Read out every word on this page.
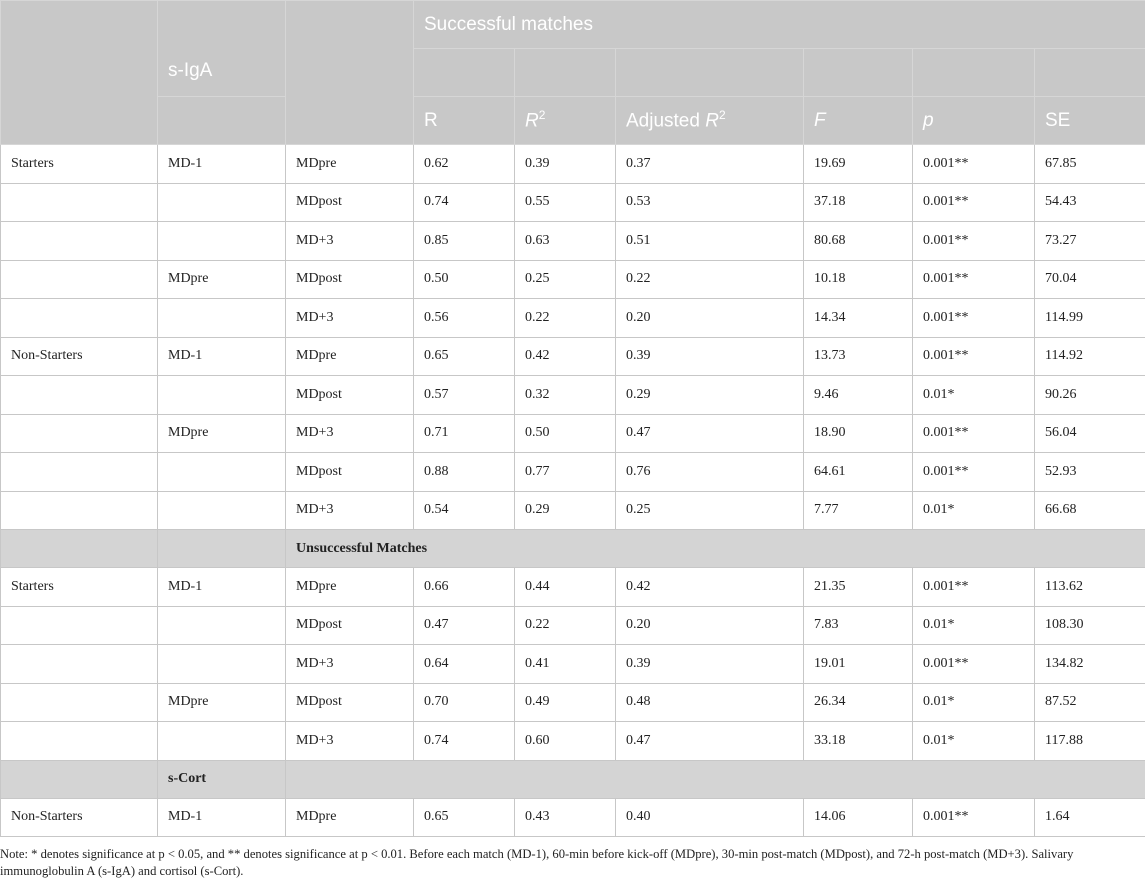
	s-IgA		Successful matches					

			R	$R^2$	Adjusted $R^2$	F	p	SE
Starters	MD-1	MDpre	0.62	0.39	0.37	19.69	0.001**	67.85
		MDpost	0.74	0.55	0.53	37.18	0.001**	54.43
		MD+3	0.85	0.63	0.51	80.68	0.001**	73.27
	MDpre	MDpost	0.50	0.25	0.22	10.18	0.001**	70.04
		MD+3	0.56	0.22	0.20	14.34	0.001**	114.99
Non-Starters	MD-1	MDpre	0.65	0.42	0.39	13.73	0.001**	114.92
		MDpost	0.57	0.32	0.29	9.46	0.01*	90.26
	MDpre	MD+3	0.71	0.50	0.47	18.90	0.001**	56.04
		MDpost	0.88	0.77	0.76	64.61	0.001**	52.93
		MD+3	0.54	0.29	0.25	7.77	0.01*	66.68
		Unsuccessful Matches						
Starters	MD-1	MDpre	0.66	0.44	0.42	21.35	0.001**	113.62
		MDpost	0.47	0.22	0.20	7.83	0.01*	108.30
		MD+3	0.64	0.41	0.39	19.01	0.001**	134.82
	MDpre	MDpost	0.70	0.49	0.48	26.34	0.01*	87.52
		MD+3	0.74	0.60	0.47	33.18	0.01*	117.88
	s-Cort							
Non-Starters	MD-1	MDpre	0.65	0.43	0.40	14.06	0.001**	1.64
Note: * denotes significance at p < 0.05, and ** denotes significance at p < 0.01. Before each match (MD-1), 60-min before kick-off (MDpre), 30-min post-match (MDpost), and 72-h post-match (MD+3). Salivary immunoglobulin A (s-IgA) and cortisol (s-Cort).
